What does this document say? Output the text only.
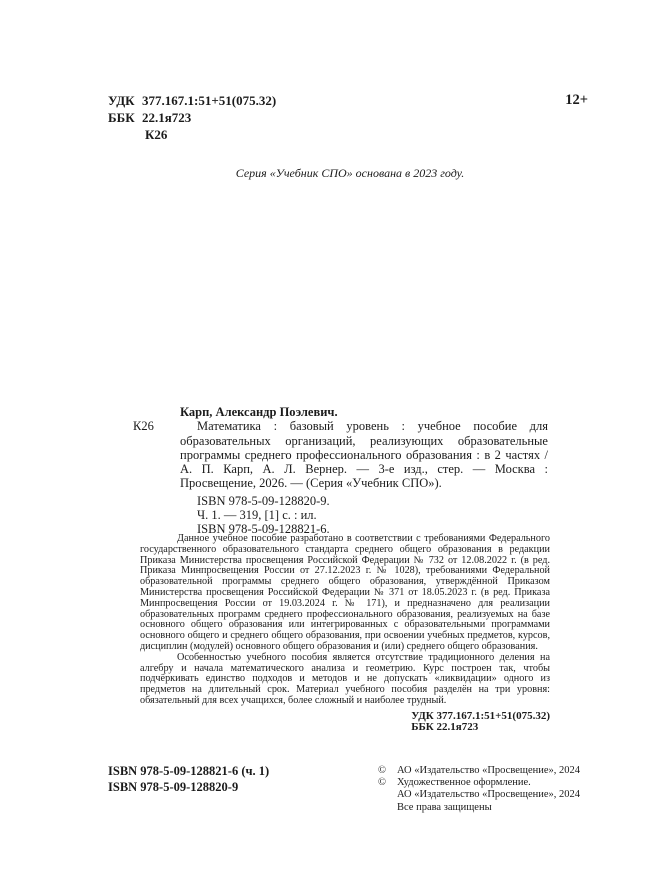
УДК 377.167.1:51+51(075.32)
ББК 22.1я723
К26
12+
Серия «Учебник СПО» основана в 2023 году.
Карп, Александр Поэлевич.
К26	Математика : базовый уровень : учебное пособие для образовательных организаций, реализующих образовательные программы среднего профессионального образования : в 2 частях / А. П. Карп, А. Л. Вернер. — 3-е изд., стер. — Москва : Просвещение, 2026. — (Серия «Учебник СПО»).

ISBN 978-5-09-128820-9.
Ч. 1. — 319, [1] с. : ил.
ISBN 978-5-09-128821-6.

Данное учебное пособие разработано в соответствии с требованиями Федерального государственного образовательного стандарта среднего общего образования в редакции Приказа Министерства просвещения Российской Федерации № 732 от 12.08.2022 г. (в ред. Приказа Минпросвещения России от 27.12.2023 г. № 1028), требованиями Федеральной образовательной программы среднего общего образования, утверждённой Приказом Министерства просвещения Российской Федерации № 371 от 18.05.2023 г. (в ред. Приказа Минпросвещения России от 19.03.2024 г. № 171), и предназначено для реализации образовательных программ среднего профессионального образования, реализуемых на базе основного общего образования или интегрированных с образовательными программами основного общего и среднего общего образования, при освоении учебных предметов, курсов, дисциплин (модулей) основного общего образования и (или) среднего общего образования.

Особенностью учебного пособия является отсутствие традиционного деления на алгебру и начала математического анализа и геометрию. Курс построен так, чтобы подчёркивать единство подходов и методов и не допускать «ликвидации» одного из предметов на длительный срок. Материал учебного пособия разделён на три уровня: обязательный для всех учащихся, более сложный и наиболее трудный.

УДК 377.167.1:51+51(075.32)
ББК 22.1я723
ISBN 978-5-09-128821-6 (ч. 1)
ISBN 978-5-09-128820-9
©	АО «Издательство «Просвещение», 2024
©	Художественное оформление.
АО «Издательство «Просвещение», 2024
Все права защищены
